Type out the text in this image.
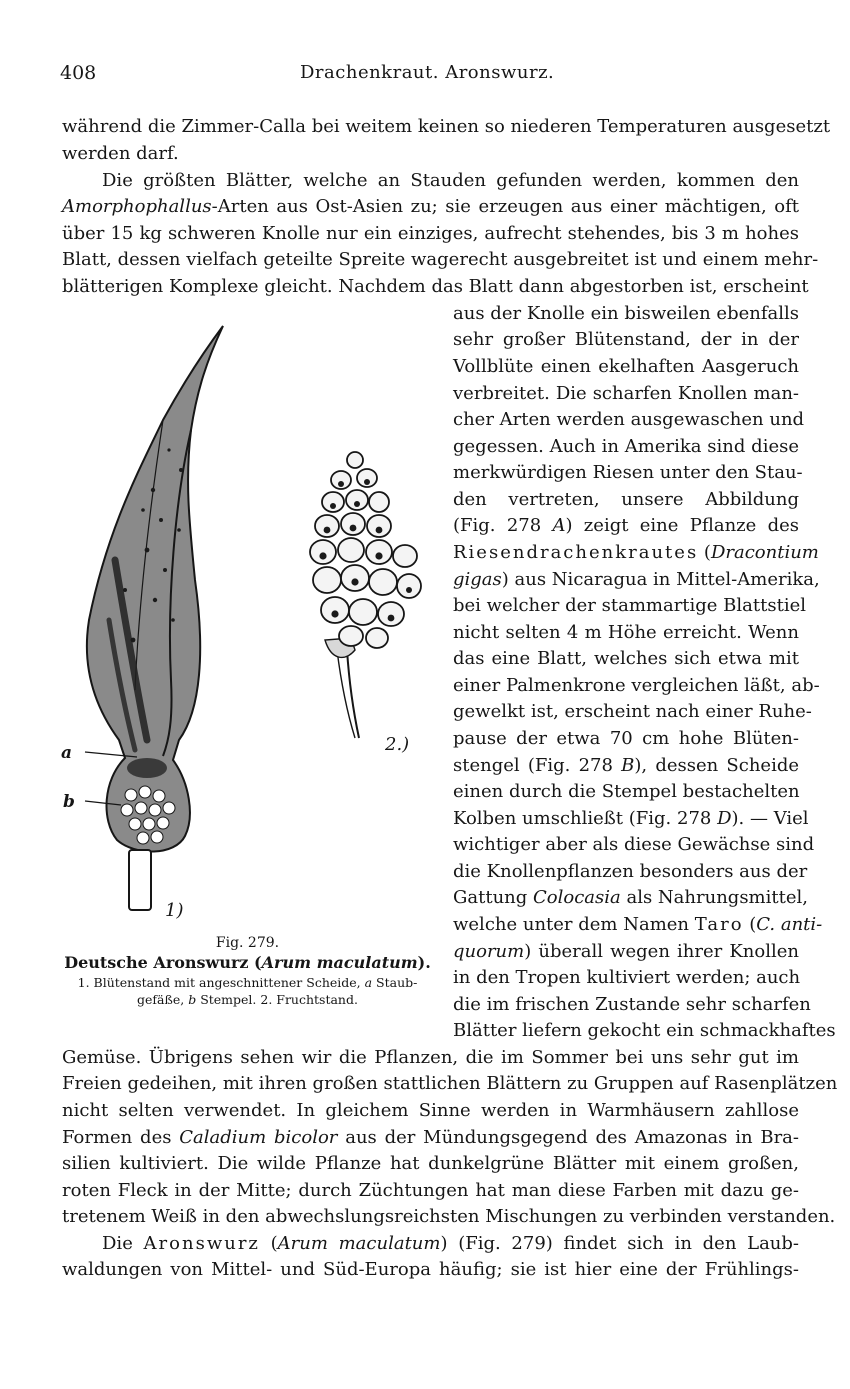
408	Drachenkraut. Aronswurz.
während die Zimmer-Calla bei weitem keinen so niederen Temperaturen ausgesetzt
werden darf.
Die größten Blätter, welche an Stauden gefunden werden, kommen den
Amorphophallus-Arten aus Ost-Asien zu; sie erzeugen aus einer mächtigen, oft
über 15 kg schweren Knolle nur ein einziges, aufrecht stehendes, bis 3 m hohes
Blatt, dessen vielfach geteilte Spreite wagerecht ausgebreitet ist und einem mehr-
blätterigen Komplexe gleicht. Nachdem das Blatt dann abgestorben ist, erscheint
aus der Knolle ein bisweilen ebenfalls
sehr großer Blütenstand, der in der
Vollblüte einen ekelhaften Aasgeruch
verbreitet. Die scharfen Knollen man-
cher Arten werden ausgewaschen und
gegessen. Auch in Amerika sind diese
merkwürdigen Riesen unter den Stau-
den vertreten, unsere Abbildung
(Fig. 278 A) zeigt eine Pflanze des
Riesendrachenkrautes (Dracontium
gigas) aus Nicaragua in Mittel-Amerika,
bei welcher der stammartige Blattstiel
nicht selten 4 m Höhe erreicht. Wenn
das eine Blatt, welches sich etwa mit
einer Palmenkrone vergleichen läßt, ab-
gewelkt ist, erscheint nach einer Ruhe-
pause der etwa 70 cm hohe Blüten-
stengel (Fig. 278 B), dessen Scheide
einen durch die Stempel bestachelten
Kolben umschließt (Fig. 278 D). — Viel
wichtiger aber als diese Gewächse sind
die Knollenpflanzen besonders aus der
Gattung Colocasia als Nahrungsmittel,
welche unter dem Namen Taro (C. anti-
quorum) überall wegen ihrer Knollen
in den Tropen kultiviert werden; auch
die im frischen Zustande sehr scharfen
Blätter liefern gekocht ein schmackhaftes
Gemüse. Übrigens sehen wir die Pflanzen, die im Sommer bei uns sehr gut im
Freien gedeihen, mit ihren großen stattlichen Blättern zu Gruppen auf Rasenplätzen
nicht selten verwendet. In gleichem Sinne werden in Warmhäusern zahllose
Formen des Caladium bicolor aus der Mündungsgegend des Amazonas in Bra-
silien kultiviert. Die wilde Pflanze hat dunkelgrüne Blätter mit einem großen,
roten Fleck in der Mitte; durch Züchtungen hat man diese Farben mit dazu ge-
tretenem Weiß in den abwechslungsreichsten Mischungen zu verbinden verstanden.
Die Aronswurz (Arum maculatum) (Fig. 279) findet sich in den Laub-
waldungen von Mittel- und Süd-Europa häufig; sie ist hier eine der Frühlings-
a
b
1)
2.)
Fig. 279.
Deutsche Aronswurz (Arum maculatum).
1. Blütenstand mit angeschnittener Scheide, a Staub-
gefäße, b Stempel. 2. Fruchtstand.
